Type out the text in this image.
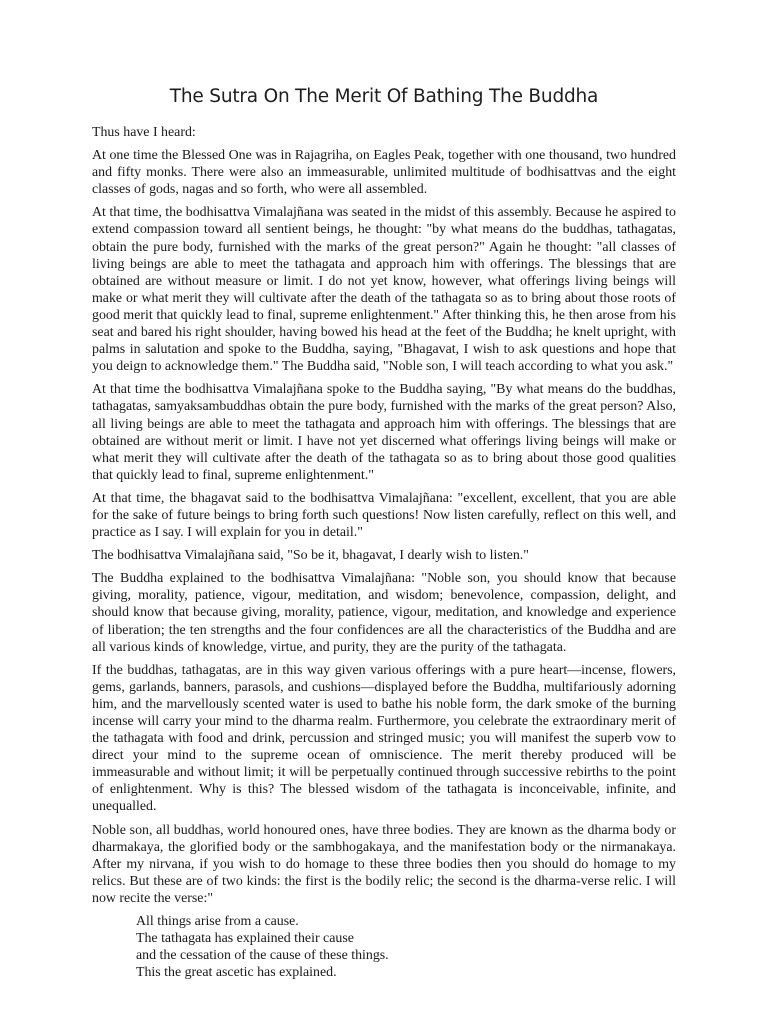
The Sutra On The Merit Of Bathing The Buddha

Thus have I heard:

At one time the Blessed One was in Rajagriha, on Eagles Peak, together with one thousand, two hundred and fifty monks. There were also an immeasurable, unlimited multitude of bodhisattvas and the eight classes of gods, nagas and so forth, who were all assembled.

At that time, the bodhisattva Vimalajñana was seated in the midst of this assembly. Because he aspired to extend compassion toward all sentient beings, he thought: "by what means do the buddhas, tathagatas, obtain the pure body, furnished with the marks of the great person?" Again he thought: "all classes of living beings are able to meet the tathagata and approach him with offerings. The blessings that are obtained are without measure or limit. I do not yet know, however, what offerings living beings will make or what merit they will cultivate after the death of the tathagata so as to bring about those roots of good merit that quickly lead to final, supreme enlightenment." After thinking this, he then arose from his seat and bared his right shoulder, having bowed his head at the feet of the Buddha; he knelt upright, with palms in salutation and spoke to the Buddha, saying, "Bhagavat, I wish to ask questions and hope that you deign to acknowledge them." The Buddha said, "Noble son, I will teach according to what you ask."

At that time the bodhisattva Vimalajñana spoke to the Buddha saying, "By what means do the buddhas, tathagatas, samyaksambuddhas obtain the pure body, furnished with the marks of the great person? Also, all living beings are able to meet the tathagata and approach him with offerings. The blessings that are obtained are without merit or limit. I have not yet discerned what offerings living beings will make or what merit they will cultivate after the death of the tathagata so as to bring about those good qualities that quickly lead to final, supreme enlightenment."

At that time, the bhagavat said to the bodhisattva Vimalajñana: "excellent, excellent, that you are able for the sake of future beings to bring forth such questions! Now listen carefully, reflect on this well, and practice as I say. I will explain for you in detail."

The bodhisattva Vimalajñana said, "So be it, bhagavat, I dearly wish to listen."

The Buddha explained to the bodhisattva Vimalajñana: "Noble son, you should know that because giving, morality, patience, vigour, meditation, and wisdom; benevolence, compassion, delight, and should know that because giving, morality, patience, vigour, meditation, and knowledge and experience of liberation; the ten strengths and the four confidences are all the characteristics of the Buddha and are all various kinds of knowledge, virtue, and purity, they are the purity of the tathagata.

If the buddhas, tathagatas, are in this way given various offerings with a pure heart—incense, flowers, gems, garlands, banners, parasols, and cushions—displayed before the Buddha, multifariously adorning him, and the marvellously scented water is used to bathe his noble form, the dark smoke of the burning incense will carry your mind to the dharma realm. Furthermore, you celebrate the extraordinary merit of the tathagata with food and drink, percussion and stringed music; you will manifest the superb vow to direct your mind to the supreme ocean of omniscience. The merit thereby produced will be immeasurable and without limit; it will be perpetually continued through successive rebirths to the point of enlightenment. Why is this? The blessed wisdom of the tathagata is inconceivable, infinite, and unequalled.

Noble son, all buddhas, world honoured ones, have three bodies. They are known as the dharma body or dharmakaya, the glorified body or the sambhogakaya, and the manifestation body or the nirmanakaya. After my nirvana, if you wish to do homage to these three bodies then you should do homage to my relics. But these are of two kinds: the first is the bodily relic; the second is the dharma-verse relic. I will now recite the verse:"

All things arise from a cause.
The tathagata has explained their cause
and the cessation of the cause of these things.
This the great ascetic has explained.
